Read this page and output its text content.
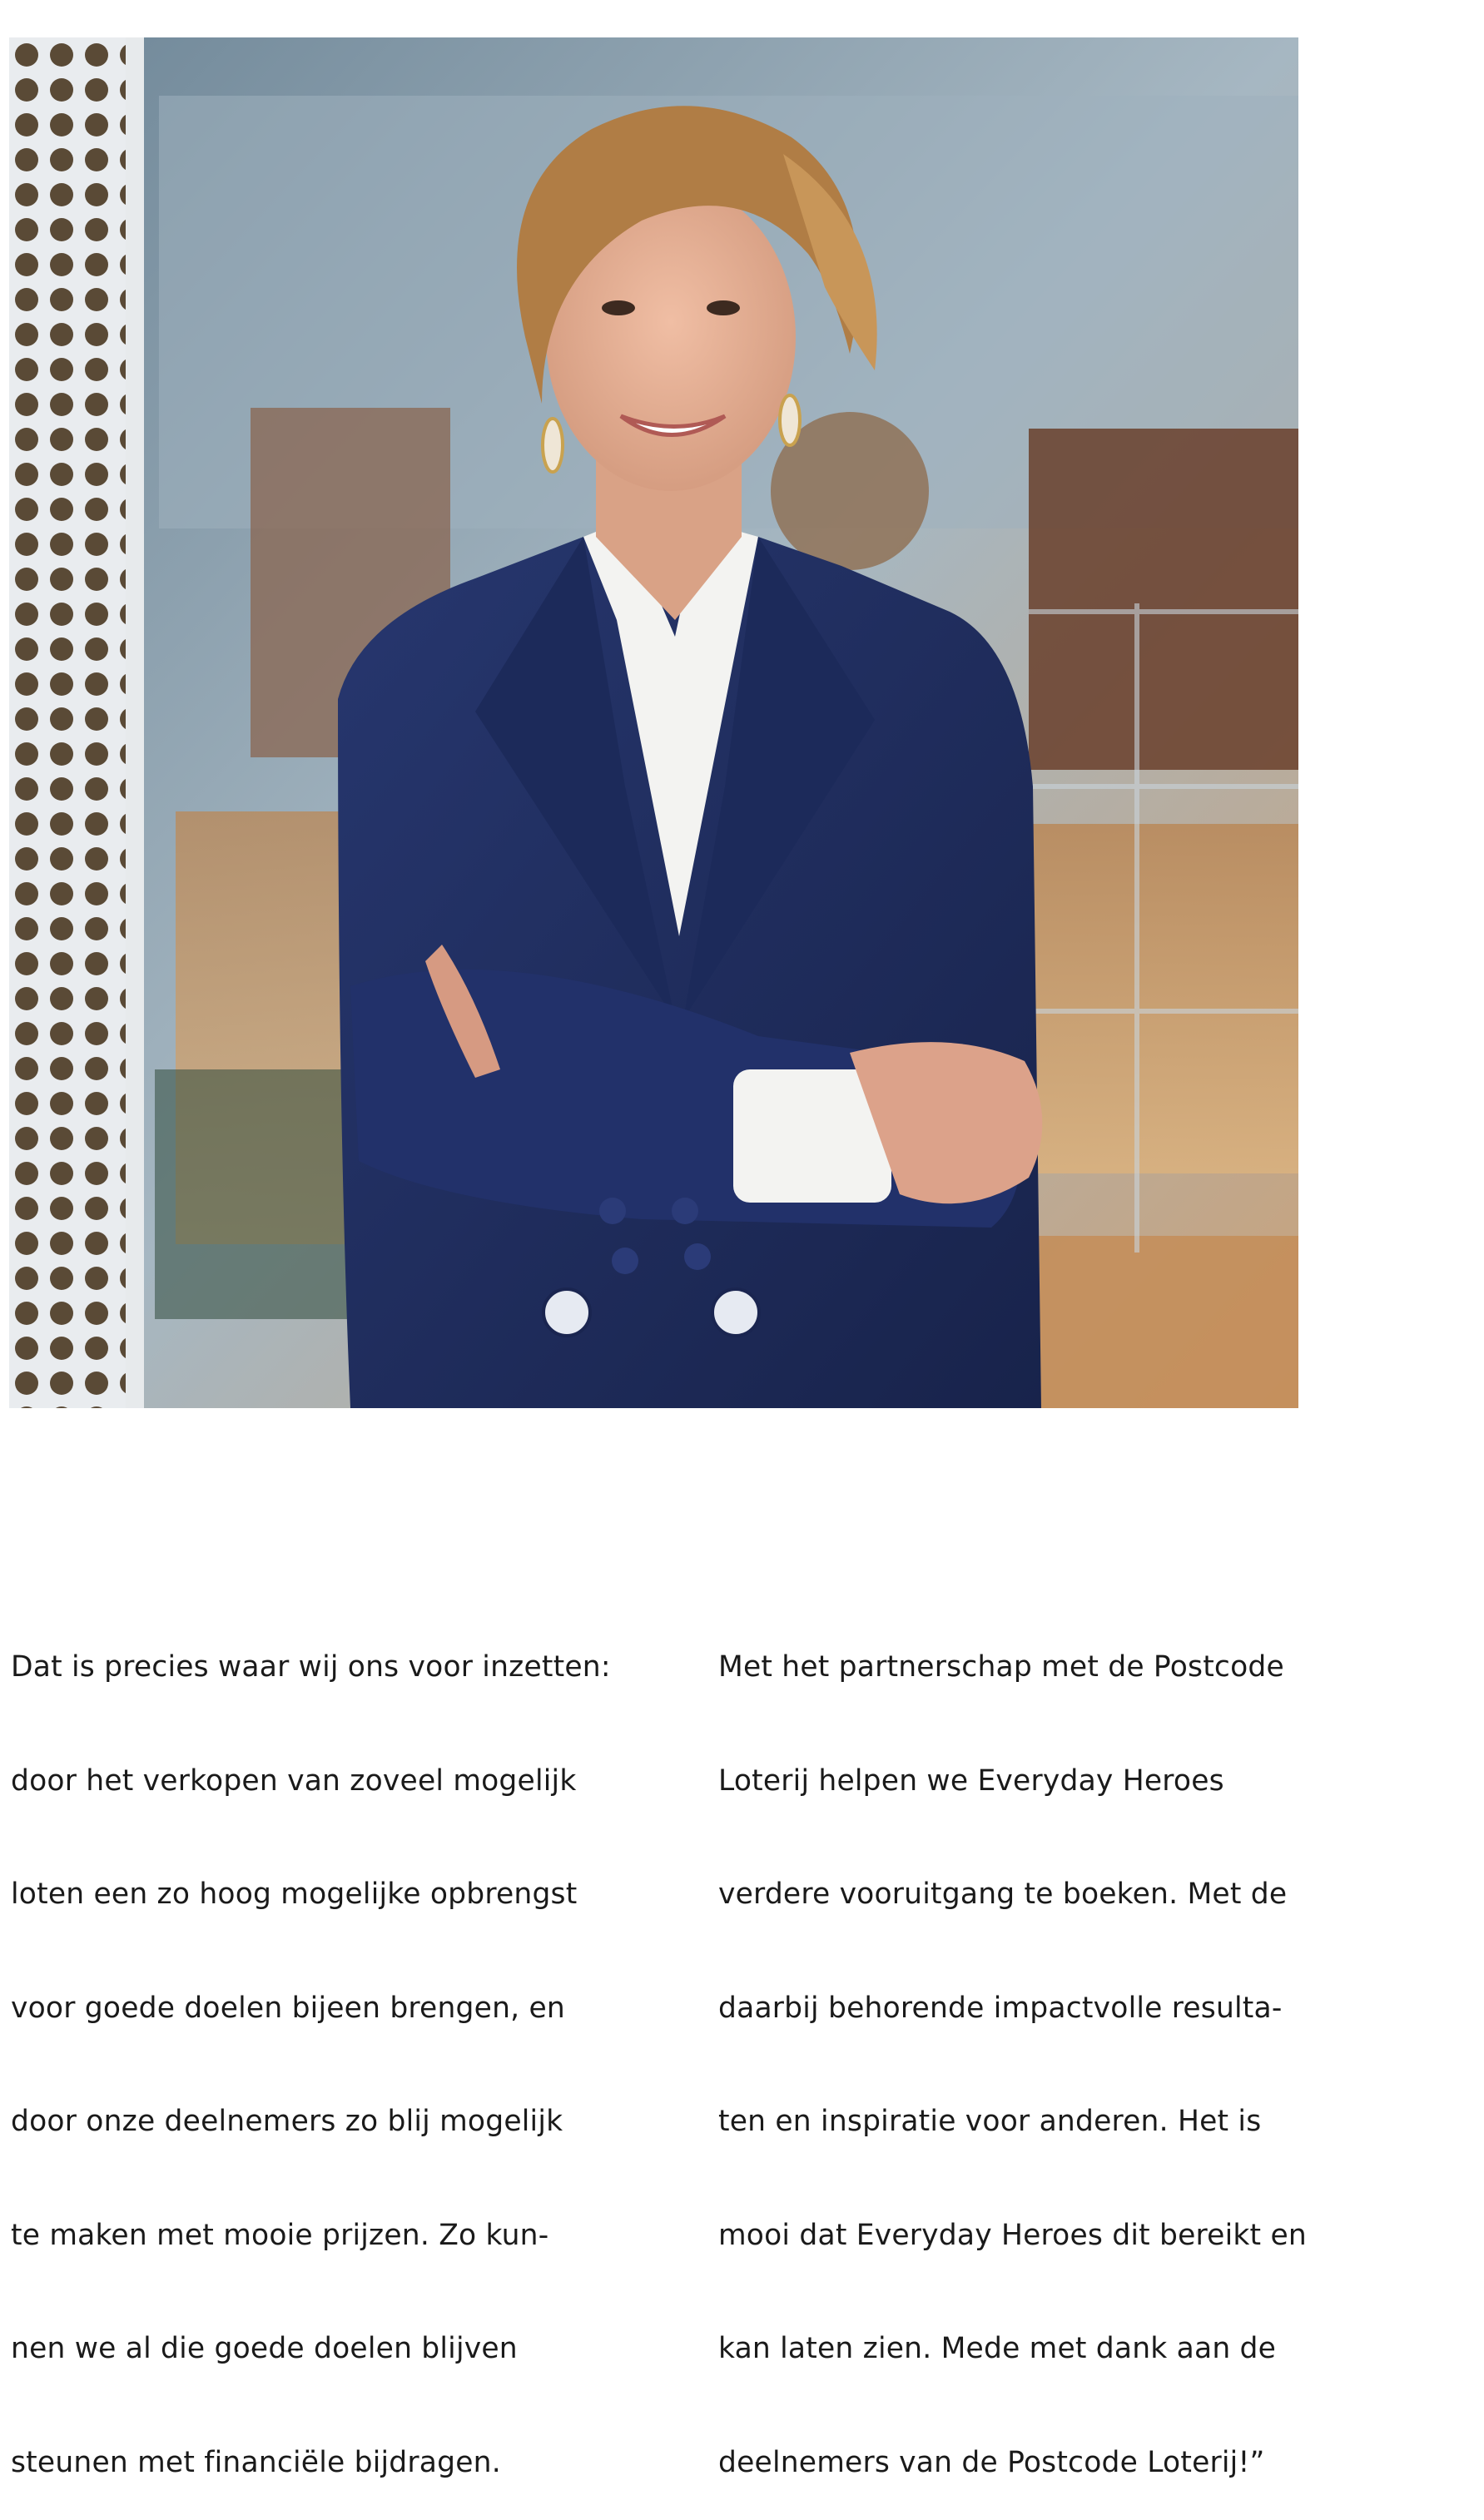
Dat is precies waar wij ons voor inzetten:

door het verkopen van zoveel mogelijk

loten een zo hoog mogelijke opbrengst

voor goede doelen bijeen brengen, en

door onze deelnemers zo blij mogelijk

te maken met mooie prijzen. Zo kun-

nen we al die goede doelen blijven

steunen met financiële bijdragen.

Met het partnerschap met de Postcode

Loterij helpen we Everyday Heroes

verdere vooruitgang te boeken. Met de

daarbij behorende impactvolle resulta-

ten en inspiratie voor anderen. Het is

mooi dat Everyday Heroes dit bereikt en

kan laten zien. Mede met dank aan de

deelnemers van de Postcode Loterij!”
